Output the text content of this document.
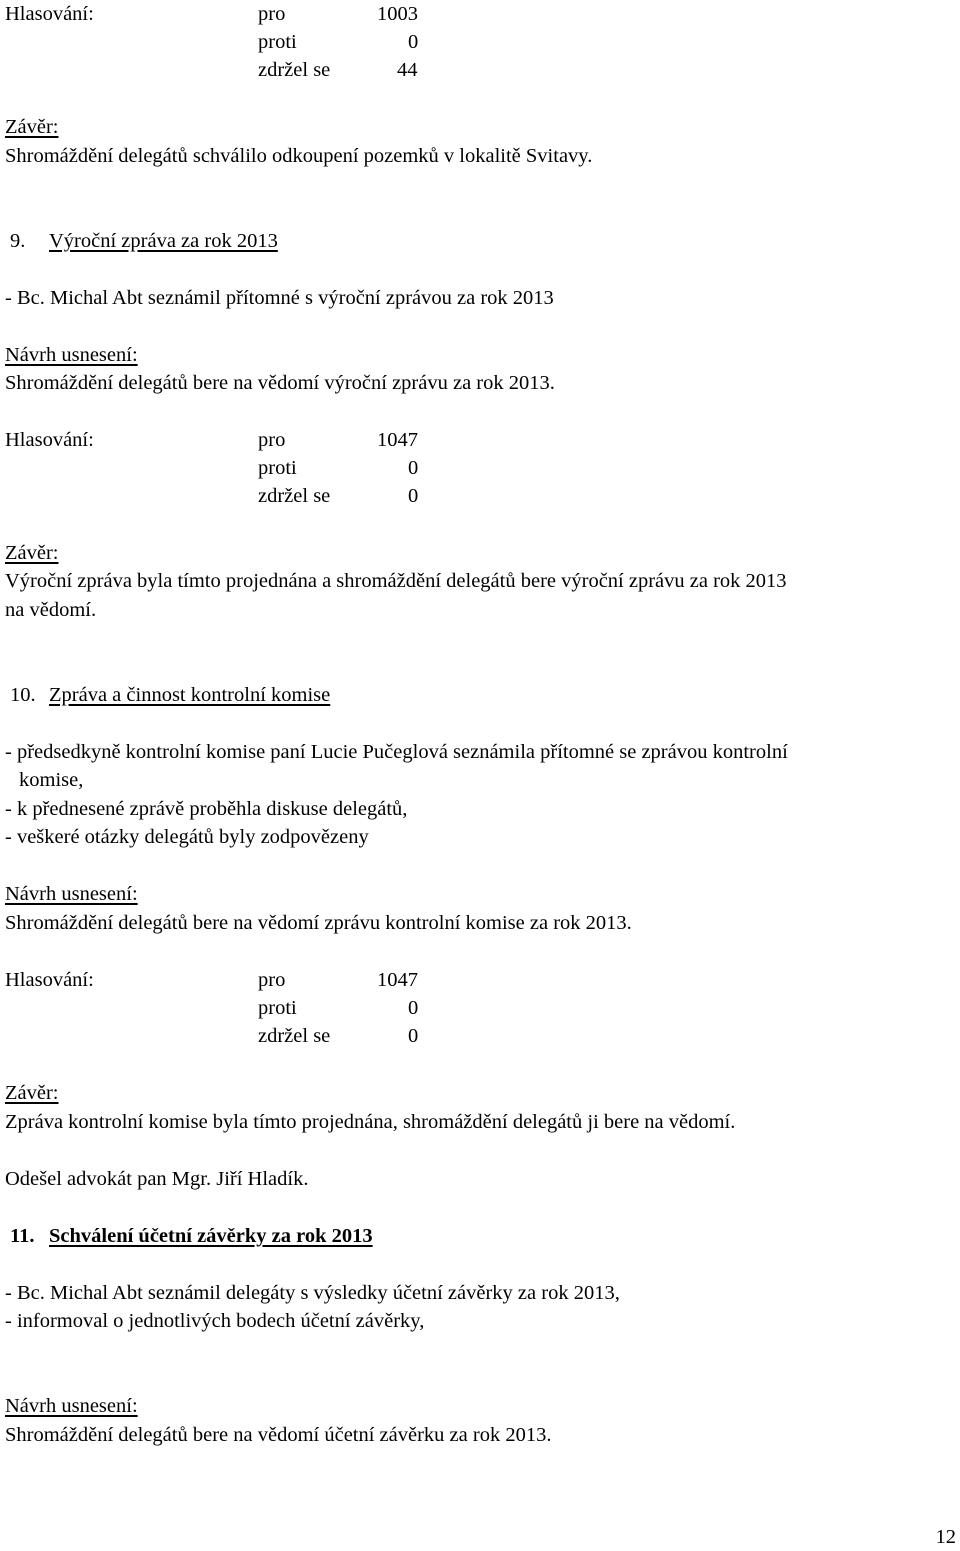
Hlasování:	pro	1003
proti	0
zdržel se	44
Závěr:
Shromáždění delegátů schválilo odkoupení pozemků v lokalitě Svitavy.
9. Výroční zpráva za rok 2013
- Bc. Michal Abt seznámil přítomné s výroční zprávou za rok 2013
Návrh usnesení:
Shromáždění delegátů bere na vědomí výroční zprávu za rok 2013.
Hlasování:	pro	1047
proti	0
zdržel se	0
Závěr:
Výroční zpráva byla tímto projednána a shromáždění delegátů bere výroční zprávu za rok 2013
na vědomí.
10. Zpráva a činnost kontrolní komise
- předsedkyně kontrolní komise paní Lucie Pučeglová seznámila přítomné se zprávou kontrolní
komise,
- k přednesené zprávě proběhla diskuse delegátů,
- veškeré otázky delegátů byly zodpovězeny
Návrh usnesení:
Shromáždění delegátů bere na vědomí zprávu kontrolní komise za rok 2013.
Hlasování:	pro	1047
proti	0
zdržel se	0
Závěr:
Zpráva kontrolní komise byla tímto projednána, shromáždění delegátů ji bere na vědomí.
Odešel advokát pan Mgr. Jiří Hladík.
11. Schválení účetní závěrky za rok 2013
- Bc. Michal Abt seznámil delegáty s výsledky účetní závěrky za rok 2013,
- informoval o jednotlivých bodech účetní závěrky,
Návrh usnesení:
Shromáždění delegátů bere na vědomí účetní závěrku za rok 2013.
12
